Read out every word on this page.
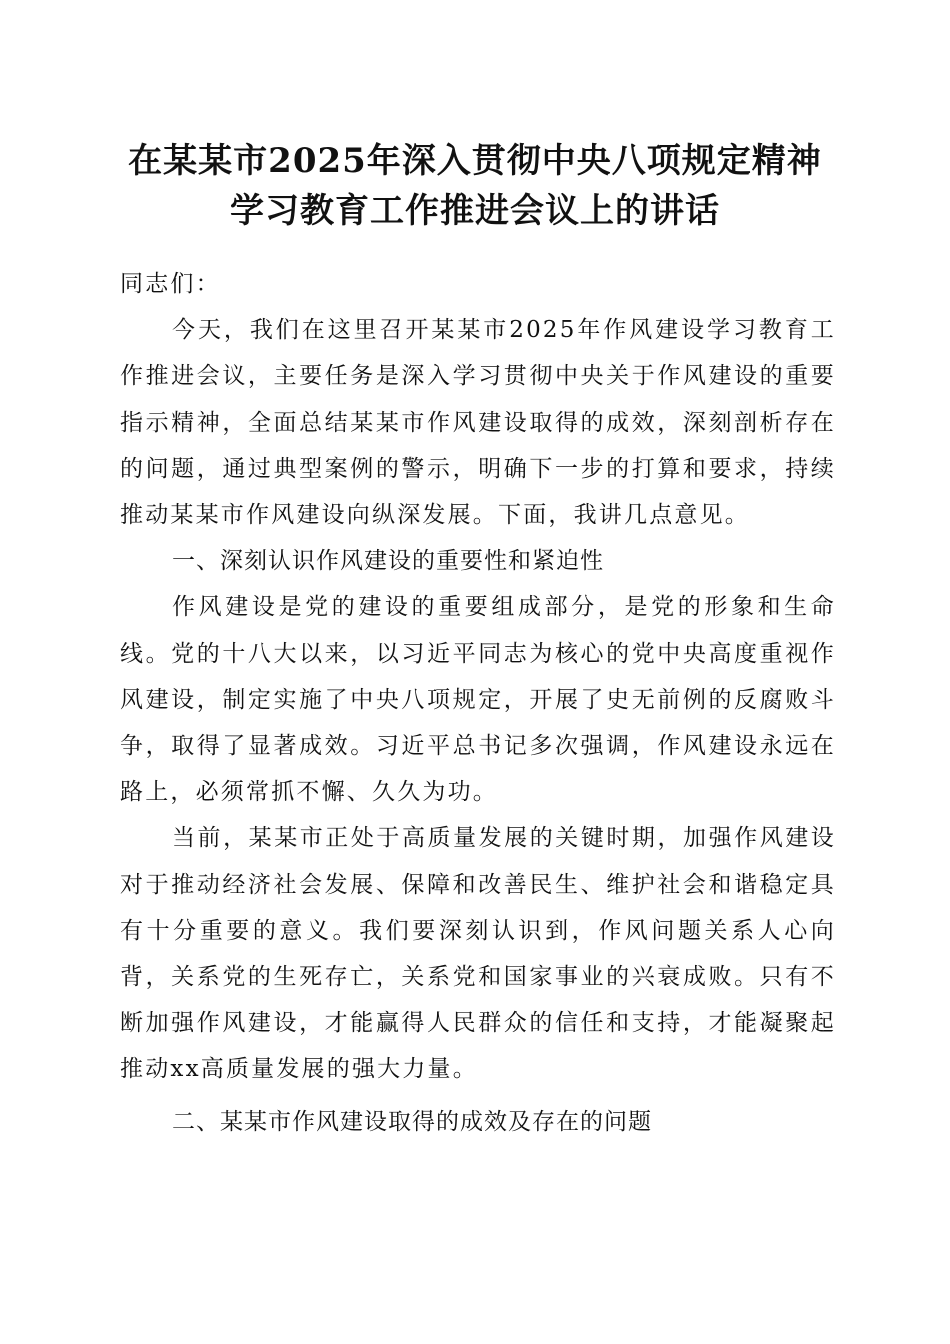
在某某市2025年深入贯彻中央八项规定精神
学习教育工作推进会议上的讲话

同志们：

今天，我们在这里召开某某市2025年作风建设学习教育工作推进会议，主要任务是深入学习贯彻中央关于作风建设的重要指示精神，全面总结某某市作风建设取得的成效，深刻剖析存在的问题，通过典型案例的警示，明确下一步的打算和要求，持续推动某某市作风建设向纵深发展。下面，我讲几点意见。

一、深刻认识作风建设的重要性和紧迫性

作风建设是党的建设的重要组成部分，是党的形象和生命线。党的十八大以来，以习近平同志为核心的党中央高度重视作风建设，制定实施了中央八项规定，开展了史无前例的反腐败斗争，取得了显著成效。习近平总书记多次强调，作风建设永远在路上，必须常抓不懈、久久为功。

当前，某某市正处于高质量发展的关键时期，加强作风建设对于推动经济社会发展、保障和改善民生、维护社会和谐稳定具有十分重要的意义。我们要深刻认识到，作风问题关系人心向背，关系党的生死存亡，关系党和国家事业的兴衰成败。只有不断加强作风建设，才能赢得人民群众的信任和支持，才能凝聚起推动xx高质量发展的强大力量。

二、某某市作风建设取得的成效及存在的问题
